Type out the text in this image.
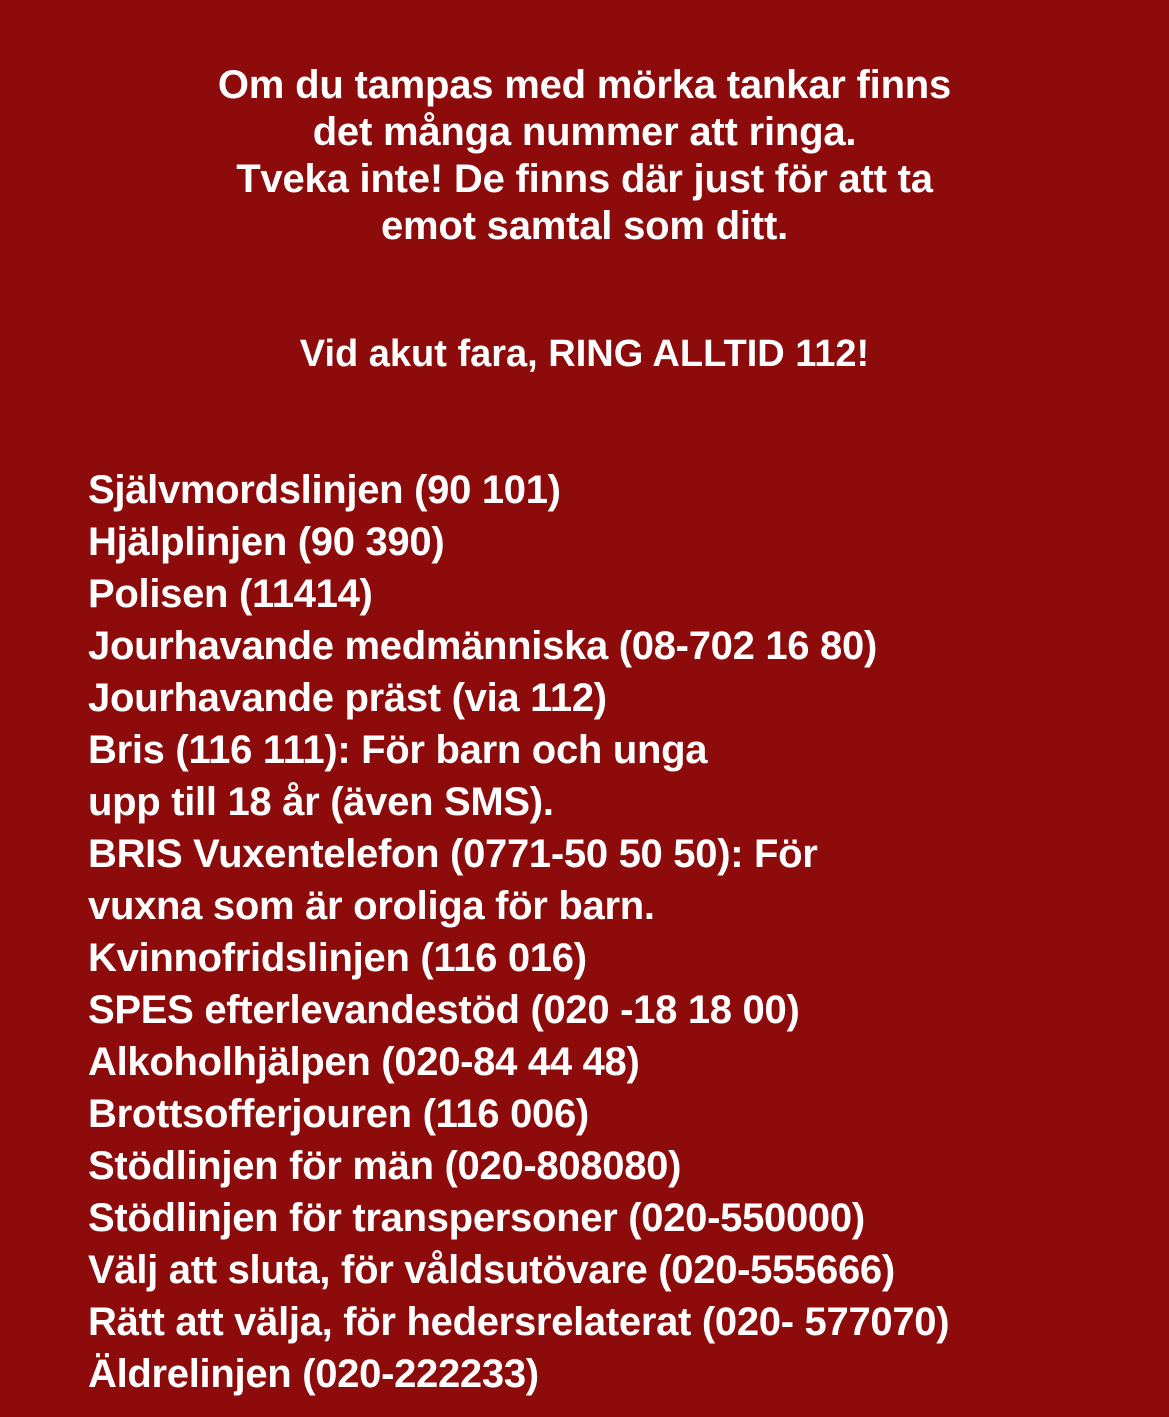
Om du tampas med mörka tankar finns
det många nummer att ringa.
Tveka inte! De finns där just för att ta
emot samtal som ditt.
Vid akut fara, RING ALLTID 112!
Självmordslinjen (90 101)
Hjälplinjen (90 390)
Polisen (11414)
Jourhavande medmänniska (08-702 16 80)
Jourhavande präst (via 112)
Bris (116 111): För barn och unga
upp till 18 år (även SMS).
BRIS Vuxentelefon (0771-50 50 50): För
vuxna som är oroliga för barn.
Kvinnofridslinjen (116 016)
SPES efterlevandestöd (020 -18 18 00)
Alkoholhjälpen (020-84 44 48)
Brottsofferjouren (116 006)
Stödlinjen för män (020-808080)
Stödlinjen för transpersoner (020-550000)
Välj att sluta, för våldsutövare (020-555666)
Rätt att välja, för hedersrelaterat (020- 577070)
Äldrelinjen (020-222233)
